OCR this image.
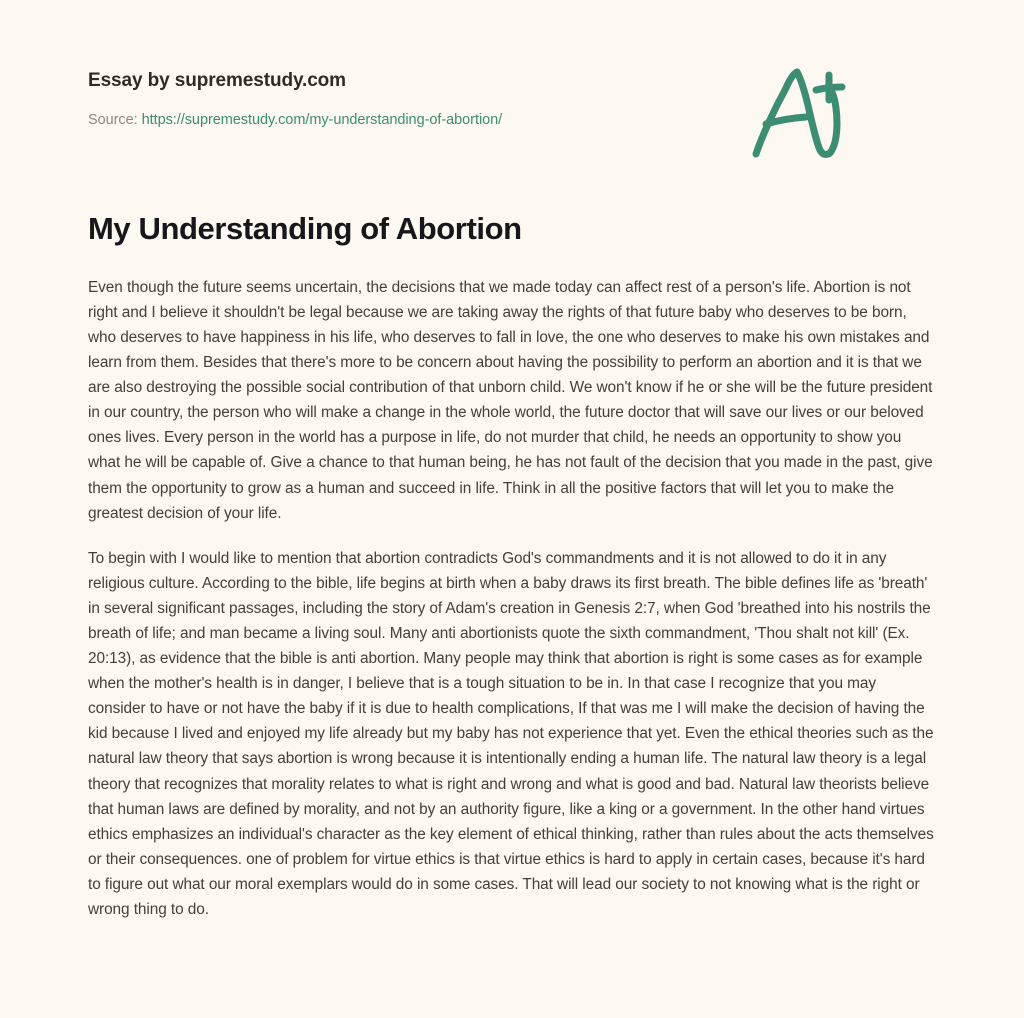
Essay by supremestudy.com

Source: https://supremestudy.com/my-understanding-of-abortion/
My Understanding of Abortion

Even though the future seems uncertain, the decisions that we made today can affect rest of a person's life. Abortion is not right and I believe it shouldn't be legal because we are taking away the rights of that future baby who deserves to be born, who deserves to have happiness in his life, who deserves to fall in love, the one who deserves to make his own mistakes and learn from them. Besides that there's more to be concern about having the possibility to perform an abortion and it is that we are also destroying the possible social contribution of that unborn child. We won't know if he or she will be the future president in our country, the person who will make a change in the whole world, the future doctor that will save our lives or our beloved ones lives. Every person in the world has a purpose in life, do not murder that child, he needs an opportunity to show you what he will be capable of. Give a chance to that human being, he has not fault of the decision that you made in the past, give them the opportunity to grow as a human and succeed in life. Think in all the positive factors that will let you to make the greatest decision of your life.

To begin with I would like to mention that abortion contradicts God's commandments and it is not allowed to do it in any religious culture. According to the bible, life begins at birth when a baby draws its first breath. The bible defines life as 'breath' in several significant passages, including the story of Adam's creation in Genesis 2:7, when God 'breathed into his nostrils the breath of life; and man became a living soul. Many anti abortionists quote the sixth commandment, 'Thou shalt not kill' (Ex. 20:13), as evidence that the bible is anti abortion. Many people may think that abortion is right is some cases as for example when the mother's health is in danger, I believe that is a tough situation to be in. In that case I recognize that you may consider to have or not have the baby if it is due to health complications, If that was me I will make the decision of having the kid because I lived and enjoyed my life already but my baby has not experience that yet. Even the ethical theories such as the natural law theory that says abortion is wrong because it is intentionally ending a human life. The natural law theory is a legal theory that recognizes that morality relates to what is right and wrong and what is good and bad. Natural law theorists believe that human laws are defined by morality, and not by an authority figure, like a king or a government. In the other hand virtues ethics emphasizes an individual's character as the key element of ethical thinking, rather than rules about the acts themselves or their consequences. one of problem for virtue ethics is that virtue ethics is hard to apply in certain cases, because it's hard to figure out what our moral exemplars would do in some cases. That will lead our society to not knowing what is the right or wrong thing to do.
